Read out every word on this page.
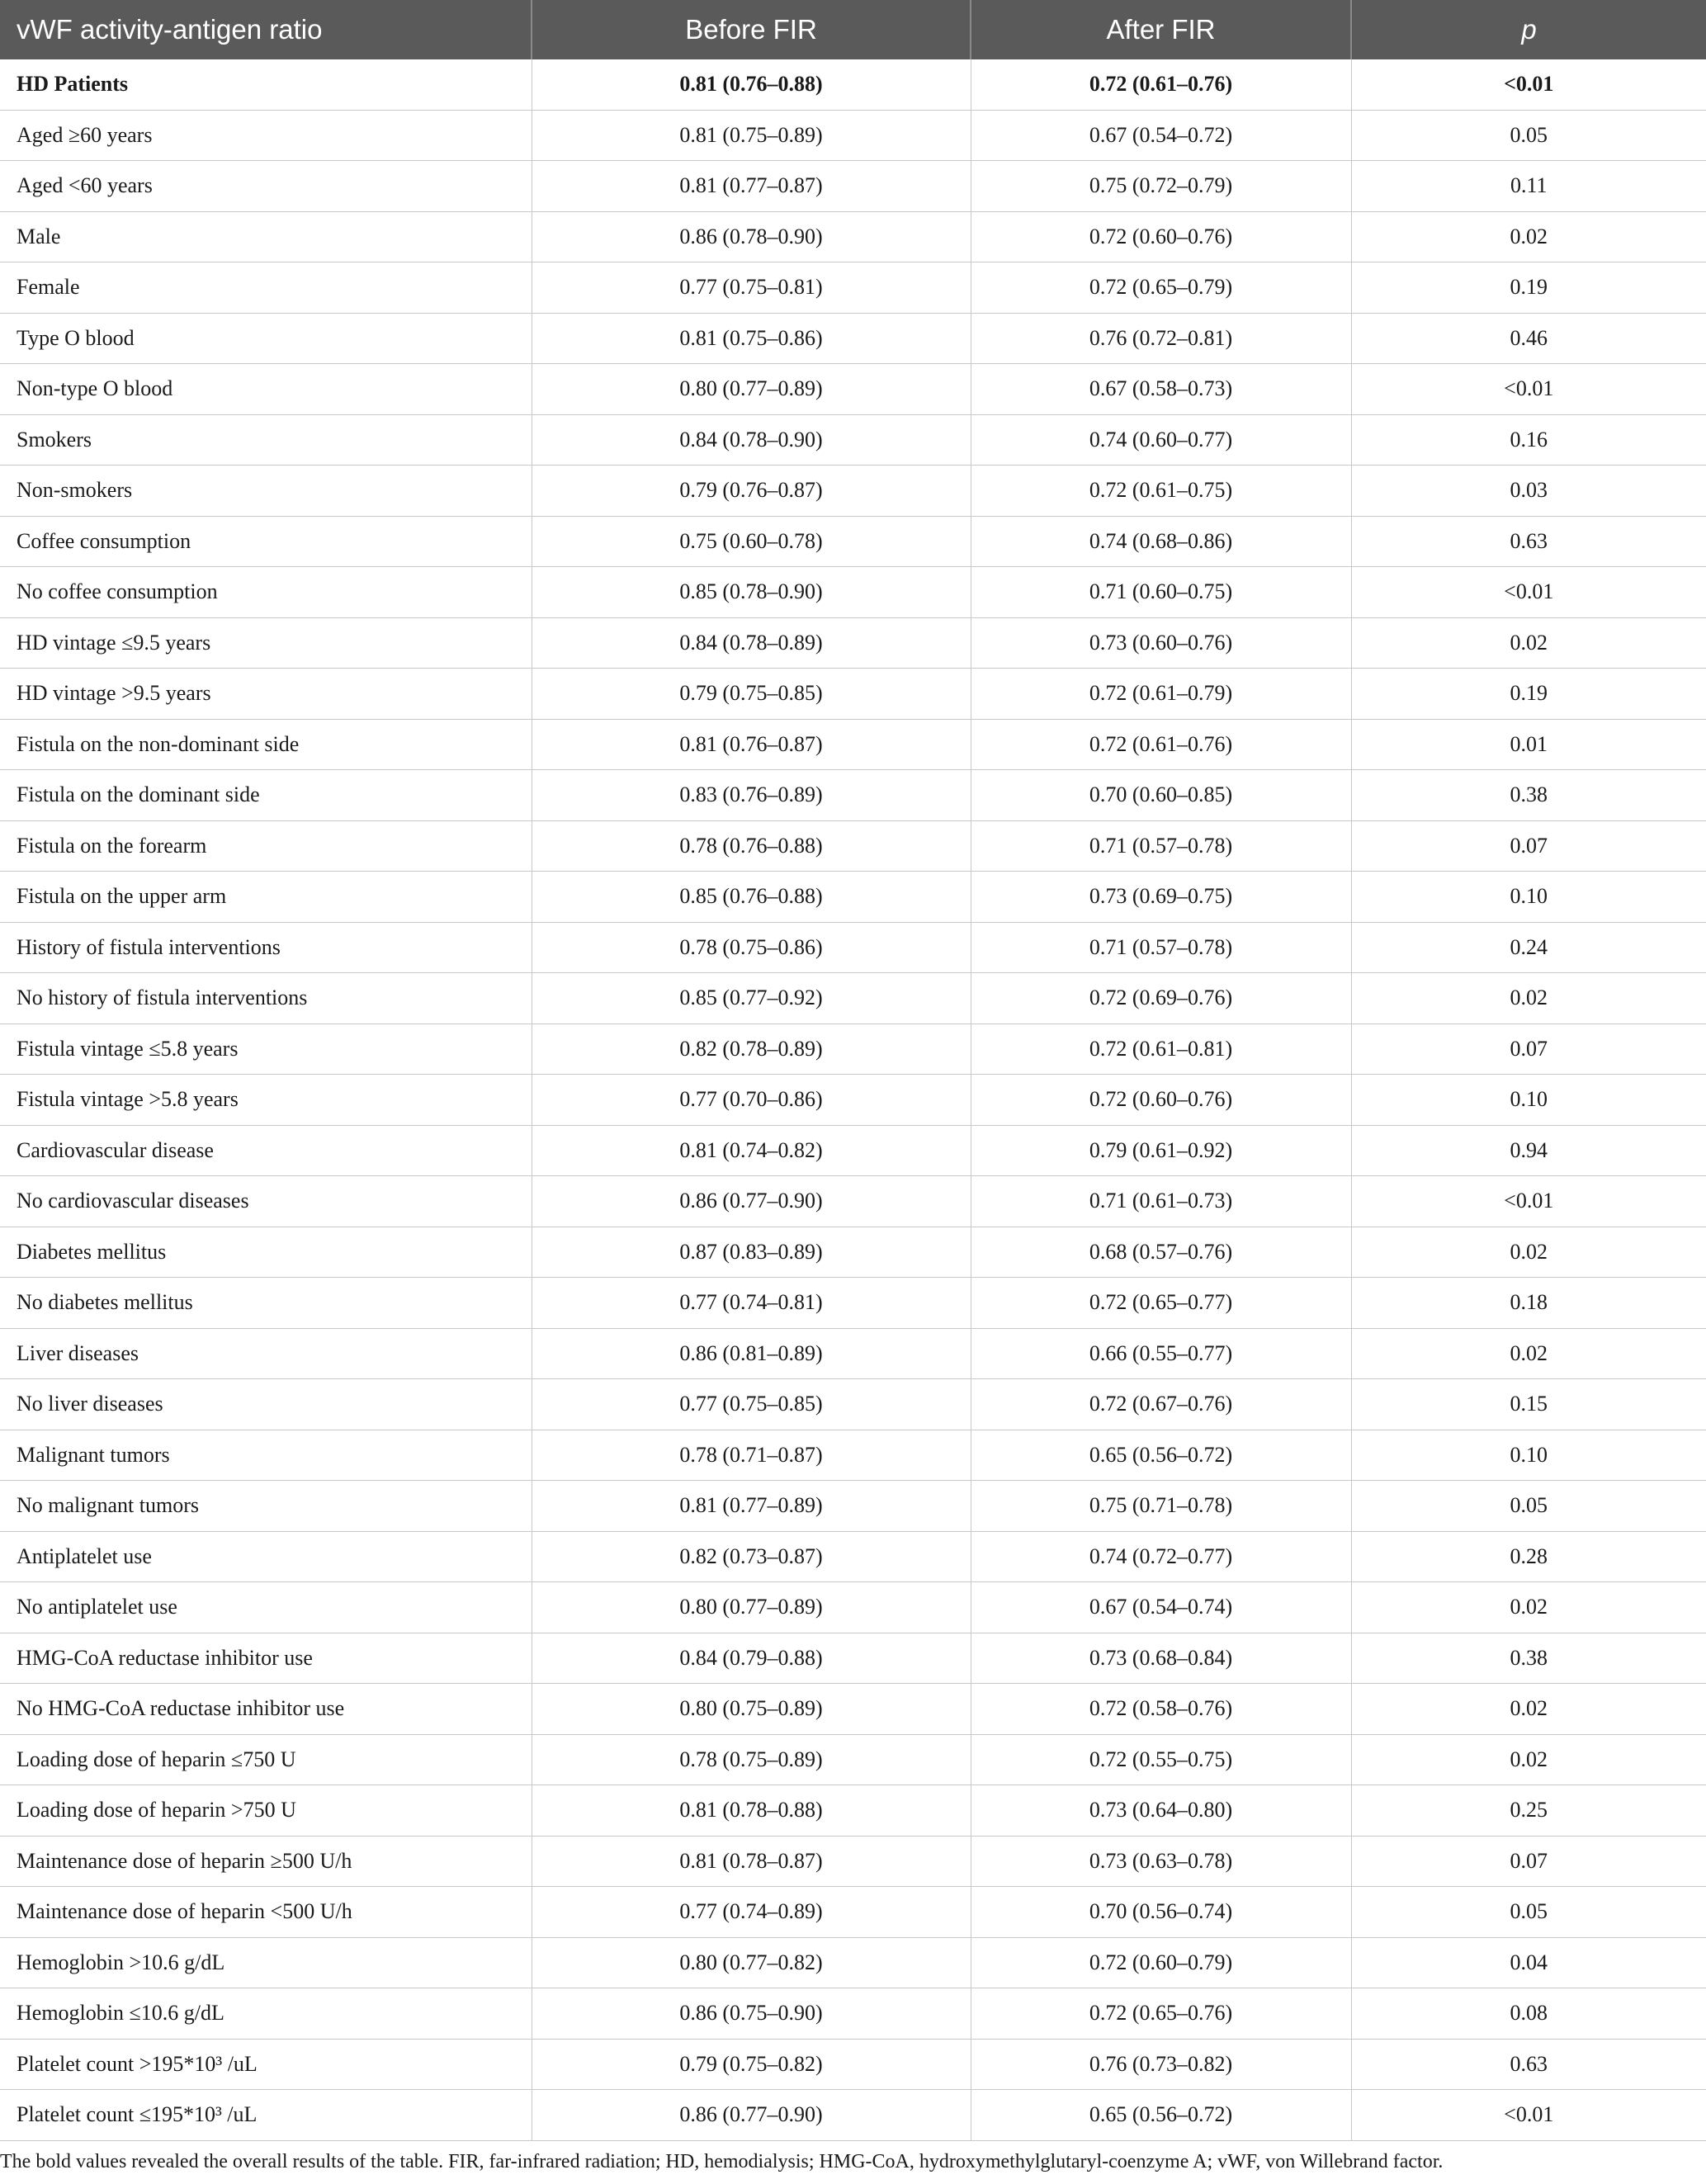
vWF activity-antigen ratio	Before FIR	After FIR	p
HD Patients	0.81 (0.76–0.88)	0.72 (0.61–0.76)	<0.01
Aged ≥60 years	0.81 (0.75–0.89)	0.67 (0.54–0.72)	0.05
Aged <60 years	0.81 (0.77–0.87)	0.75 (0.72–0.79)	0.11
Male	0.86 (0.78–0.90)	0.72 (0.60–0.76)	0.02
Female	0.77 (0.75–0.81)	0.72 (0.65–0.79)	0.19
Type O blood	0.81 (0.75–0.86)	0.76 (0.72–0.81)	0.46
Non-type O blood	0.80 (0.77–0.89)	0.67 (0.58–0.73)	<0.01
Smokers	0.84 (0.78–0.90)	0.74 (0.60–0.77)	0.16
Non-smokers	0.79 (0.76–0.87)	0.72 (0.61–0.75)	0.03
Coffee consumption	0.75 (0.60–0.78)	0.74 (0.68–0.86)	0.63
No coffee consumption	0.85 (0.78–0.90)	0.71 (0.60–0.75)	<0.01
HD vintage ≤9.5 years	0.84 (0.78–0.89)	0.73 (0.60–0.76)	0.02
HD vintage >9.5 years	0.79 (0.75–0.85)	0.72 (0.61–0.79)	0.19
Fistula on the non-dominant side	0.81 (0.76–0.87)	0.72 (0.61–0.76)	0.01
Fistula on the dominant side	0.83 (0.76–0.89)	0.70 (0.60–0.85)	0.38
Fistula on the forearm	0.78 (0.76–0.88)	0.71 (0.57–0.78)	0.07
Fistula on the upper arm	0.85 (0.76–0.88)	0.73 (0.69–0.75)	0.10
History of fistula interventions	0.78 (0.75–0.86)	0.71 (0.57–0.78)	0.24
No history of fistula interventions	0.85 (0.77–0.92)	0.72 (0.69–0.76)	0.02
Fistula vintage ≤5.8 years	0.82 (0.78–0.89)	0.72 (0.61–0.81)	0.07
Fistula vintage >5.8 years	0.77 (0.70–0.86)	0.72 (0.60–0.76)	0.10
Cardiovascular disease	0.81 (0.74–0.82)	0.79 (0.61–0.92)	0.94
No cardiovascular diseases	0.86 (0.77–0.90)	0.71 (0.61–0.73)	<0.01
Diabetes mellitus	0.87 (0.83–0.89)	0.68 (0.57–0.76)	0.02
No diabetes mellitus	0.77 (0.74–0.81)	0.72 (0.65–0.77)	0.18
Liver diseases	0.86 (0.81–0.89)	0.66 (0.55–0.77)	0.02
No liver diseases	0.77 (0.75–0.85)	0.72 (0.67–0.76)	0.15
Malignant tumors	0.78 (0.71–0.87)	0.65 (0.56–0.72)	0.10
No malignant tumors	0.81 (0.77–0.89)	0.75 (0.71–0.78)	0.05
Antiplatelet use	0.82 (0.73–0.87)	0.74 (0.72–0.77)	0.28
No antiplatelet use	0.80 (0.77–0.89)	0.67 (0.54–0.74)	0.02
HMG-CoA reductase inhibitor use	0.84 (0.79–0.88)	0.73 (0.68–0.84)	0.38
No HMG-CoA reductase inhibitor use	0.80 (0.75–0.89)	0.72 (0.58–0.76)	0.02
Loading dose of heparin ≤750 U	0.78 (0.75–0.89)	0.72 (0.55–0.75)	0.02
Loading dose of heparin >750 U	0.81 (0.78–0.88)	0.73 (0.64–0.80)	0.25
Maintenance dose of heparin ≥500 U/h	0.81 (0.78–0.87)	0.73 (0.63–0.78)	0.07
Maintenance dose of heparin <500 U/h	0.77 (0.74–0.89)	0.70 (0.56–0.74)	0.05
Hemoglobin >10.6 g/dL	0.80 (0.77–0.82)	0.72 (0.60–0.79)	0.04
Hemoglobin ≤10.6 g/dL	0.86 (0.75–0.90)	0.72 (0.65–0.76)	0.08
Platelet count >195*10³ /uL	0.79 (0.75–0.82)	0.76 (0.73–0.82)	0.63
Platelet count ≤195*10³ /uL	0.86 (0.77–0.90)	0.65 (0.56–0.72)	<0.01
The bold values revealed the overall results of the table. FIR, far-infrared radiation; HD, hemodialysis; HMG-CoA, hydroxymethylglutaryl-coenzyme A; vWF, von Willebrand factor.
